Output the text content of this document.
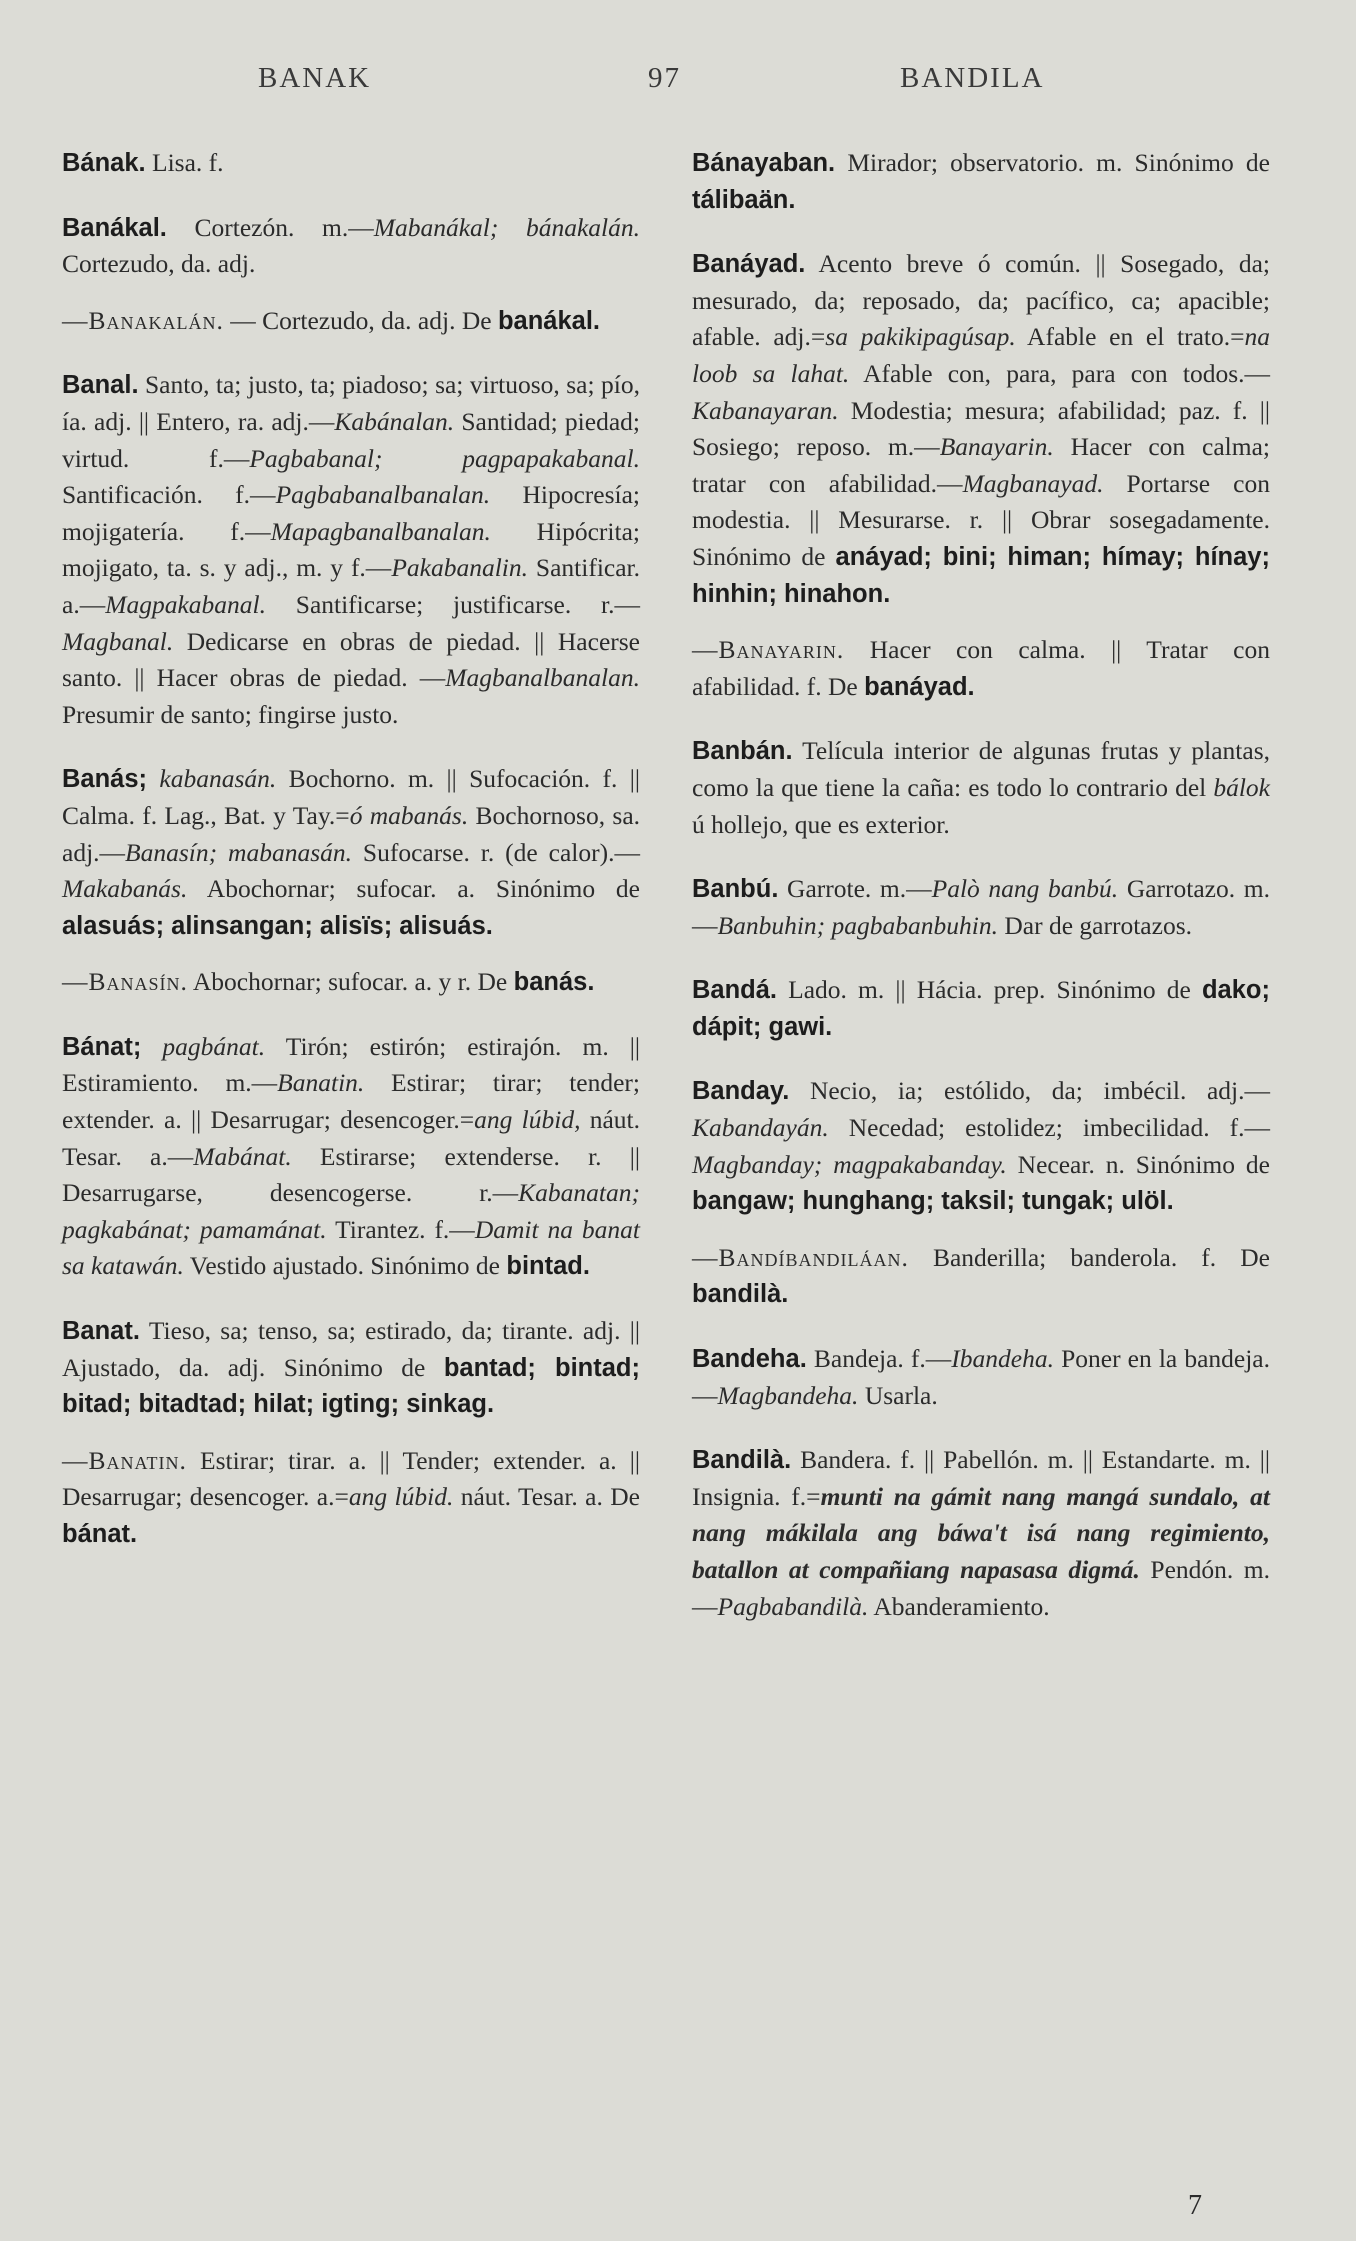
BANAK	97	BANDILA
Bának. Lisa. f.
Banákal. Cortezón. m.—Mabanákal; bánakalán. Cortezudo, da. adj.
—Banakalán. — Cortezudo, da. adj. De banákal.
Banal. Santo, ta; justo, ta; piadoso; sa; virtuoso, sa; pío, ía. adj. || Entero, ra. adj.—Kabánalan. Santidad; piedad; virtud. f.—Pagbabanal; pagpapakabanal. Santificación. f.—Pagbabanalbanalan. Hipocresía; mojigatería. f.—Mapagbanalbanalan. Hipócrita; mojigato, ta. s. y adj., m. y f.—Pakabanalin. Santificar. a.—Magpakabanal. Santificarse; justificarse. r.—Magbanal. Dedicarse en obras de piedad. || Hacerse santo. || Hacer obras de piedad. —Magbanalbanalan. Presumir de santo; fingirse justo.
Banás; kabanasán. Bochorno. m. || Sufocación. f. || Calma. f. Lag., Bat. y Tay.=ó mabanás. Bochornoso, sa. adj.—Banasín; mabanasán. Sufocarse. r. (de calor).—Makabanás. Abochornar; sufocar. a. Sinónimo de alasuás; alinsangan; alisïs; alisuás.
—Banasín. Abochornar; sufocar. a. y r. De banás.
Bánat; pagbánat. Tirón; estirón; estirajón. m. || Estiramiento. m.—Banatin. Estirar; tirar; tender; extender. a. || Desarrugar; desencoger.=ang lúbid, náut. Tesar. a.—Mabánat. Estirarse; extenderse. r. || Desarrugarse, desencogerse. r.—Kabanatan; pagkabánat; pamamánat. Tirantez. f.—Damit na banat sa katawán. Vestido ajustado. Sinónimo de bintad.
Banat. Tieso, sa; tenso, sa; estirado, da; tirante. adj. || Ajustado, da. adj. Sinónimo de bantad; bintad; bitad; bitadtad; hilat; igting; sinkag.
—Banatin. Estirar; tirar. a. || Tender; extender. a. || Desarrugar; desencoger. a.=ang lúbid. náut. Tesar. a. De bánat.
Bánayaban. Mirador; observatorio. m. Sinónimo de tálibaän.
Banáyad. Acento breve ó común. || Sosegado, da; mesurado, da; reposado, da; pacífico, ca; apacible; afable. adj.=sa pakikipagúsap. Afable en el trato.=na loob sa lahat. Afable con, para, para con todos.—Kabanayaran. Modestia; mesura; afabilidad; paz. f. || Sosiego; reposo. m.—Banayarin. Hacer con calma; tratar con afabilidad.—Magbanayad. Portarse con modestia. || Mesurarse. r. || Obrar sosegadamente. Sinónimo de anáyad; bini; himan; hímay; hínay; hinhin; hinahon.
—Banayarin. Hacer con calma. || Tratar con afabilidad. f. De banáyad.
Banbán. Telícula interior de algunas frutas y plantas, como la que tiene la caña: es todo lo contrario del bálok ú hollejo, que es exterior.
Banbú. Garrote. m.—Palò nang banbú. Garrotazo. m.—Banbuhin; pagbabanbuhin. Dar de garrotazos.
Bandá. Lado. m. || Hácia. prep. Sinónimo de dako; dápit; gawi.
Banday. Necio, ia; estólido, da; imbécil. adj.—Kabandayán. Necedad; estolidez; imbecilidad. f.—Magbanday; magpakabanday. Necear. n. Sinónimo de bangaw; hunghang; taksil; tungak; ulöl.
—Bandíbandiláan. Banderilla; banderola. f. De bandilà.
Bandeha. Bandeja. f.—Ibandeha. Poner en la bandeja.—Magbandeha. Usarla.
Bandilà. Bandera. f. || Pabellón. m. || Estandarte. m. || Insignia. f.=munti na gámit nang mangá sundalo, at nang mákilala ang báwa't isá nang regimiento, batallon at compañiang napasasa digmá. Pendón. m.—Pagbabandilà. Abanderamiento.
7
